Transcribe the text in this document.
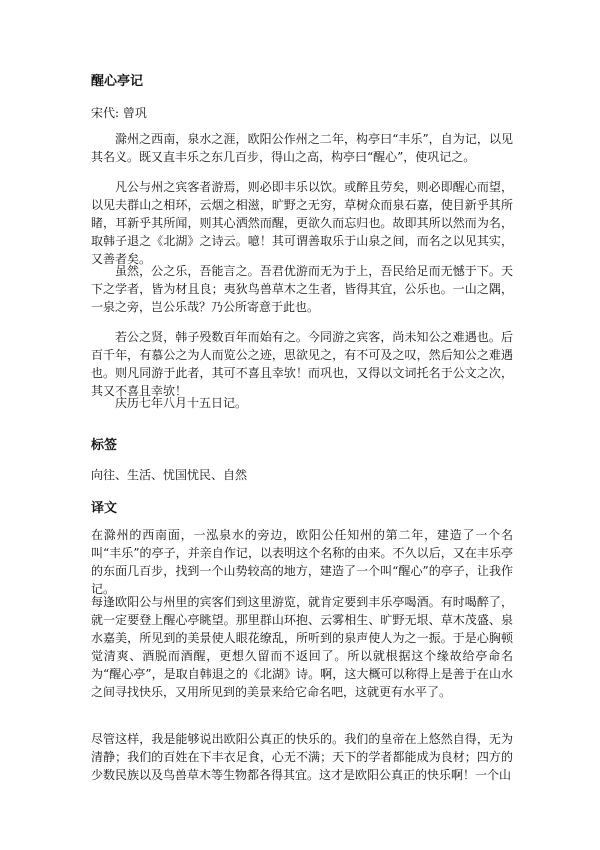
醒心亭记
宋代: 曾巩

滁州之西南，泉水之涯，欧阳公作州之二年，构亭曰“丰乐”，自为记，以见其名义。既又直丰乐之东几百步，得山之高，构亭曰“醒心”，使巩记之。

凡公与州之宾客者游焉，则必即丰乐以饮。或醉且劳矣，则必即醒心而望，以见夫群山之相环，云烟之相滋，旷野之无穷，草树众而泉石嘉，使目新乎其所睹，耳新乎其所闻，则其心洒然而醒，更欲久而忘归也。故即其所以然而为名，取韩子退之《北湖》之诗云。噫！其可谓善取乐于山泉之间，而名之以见其实，又善者矣。

虽然，公之乐，吾能言之。吾君优游而无为于上，吾民给足而无憾于下。天下之学者，皆为材且良；夷狄鸟兽草木之生者，皆得其宜，公乐也。一山之隅，一泉之旁，岂公乐哉？乃公所寄意于此也。

若公之贤，韩子殁数百年而始有之。今同游之宾客，尚未知公之难遇也。后百千年，有慕公之为人而览公之迹，思欲见之，有不可及之叹，然后知公之难遇也。则凡同游于此者，其可不喜且幸欤！而巩也，又得以文词托名于公文之次，其又不喜且幸欤！

庆历七年八月十五日记。

标签
向往、生活、忧国忧民、自然
译文

在滁州的西南面，一泓泉水的旁边，欧阳公任知州的第二年，建造了一个名叫“丰乐”的亭子，并亲自作记，以表明这个名称的由来。不久以后，又在丰乐亭的东面几百步，找到一个山势较高的地方，建造了一个叫“醒心”的亭子，让我作记。

每逢欧阳公与州里的宾客们到这里游览，就肯定要到丰乐亭喝酒。有时喝醉了，就一定要登上醒心亭眺望。那里群山环抱、云雾相生、旷野无垠、草木茂盛、泉水嘉美，所见到的美景使人眼花缭乱，所听到的泉声使人为之一振。于是心胸顿觉清爽、酒脱而酒醒，更想久留而不返回了。所以就根据这个缘故给亭命名为“醒心亭”，是取自韩退之的《北湖》诗。啊，这大概可以称得上是善于在山水之间寻找快乐，又用所见到的美景来给它命名吧，这就更有水平了。

尽管这样，我是能够说出欧阳公真正的快乐的。我们的皇帝在上悠然自得，无为清静；我们的百姓在下丰衣足食，心无不满；天下的学者都能成为良材；四方的少数民族以及鸟兽草木等生物都各得其宜。这才是欧阳公真正的快乐啊！一个山
